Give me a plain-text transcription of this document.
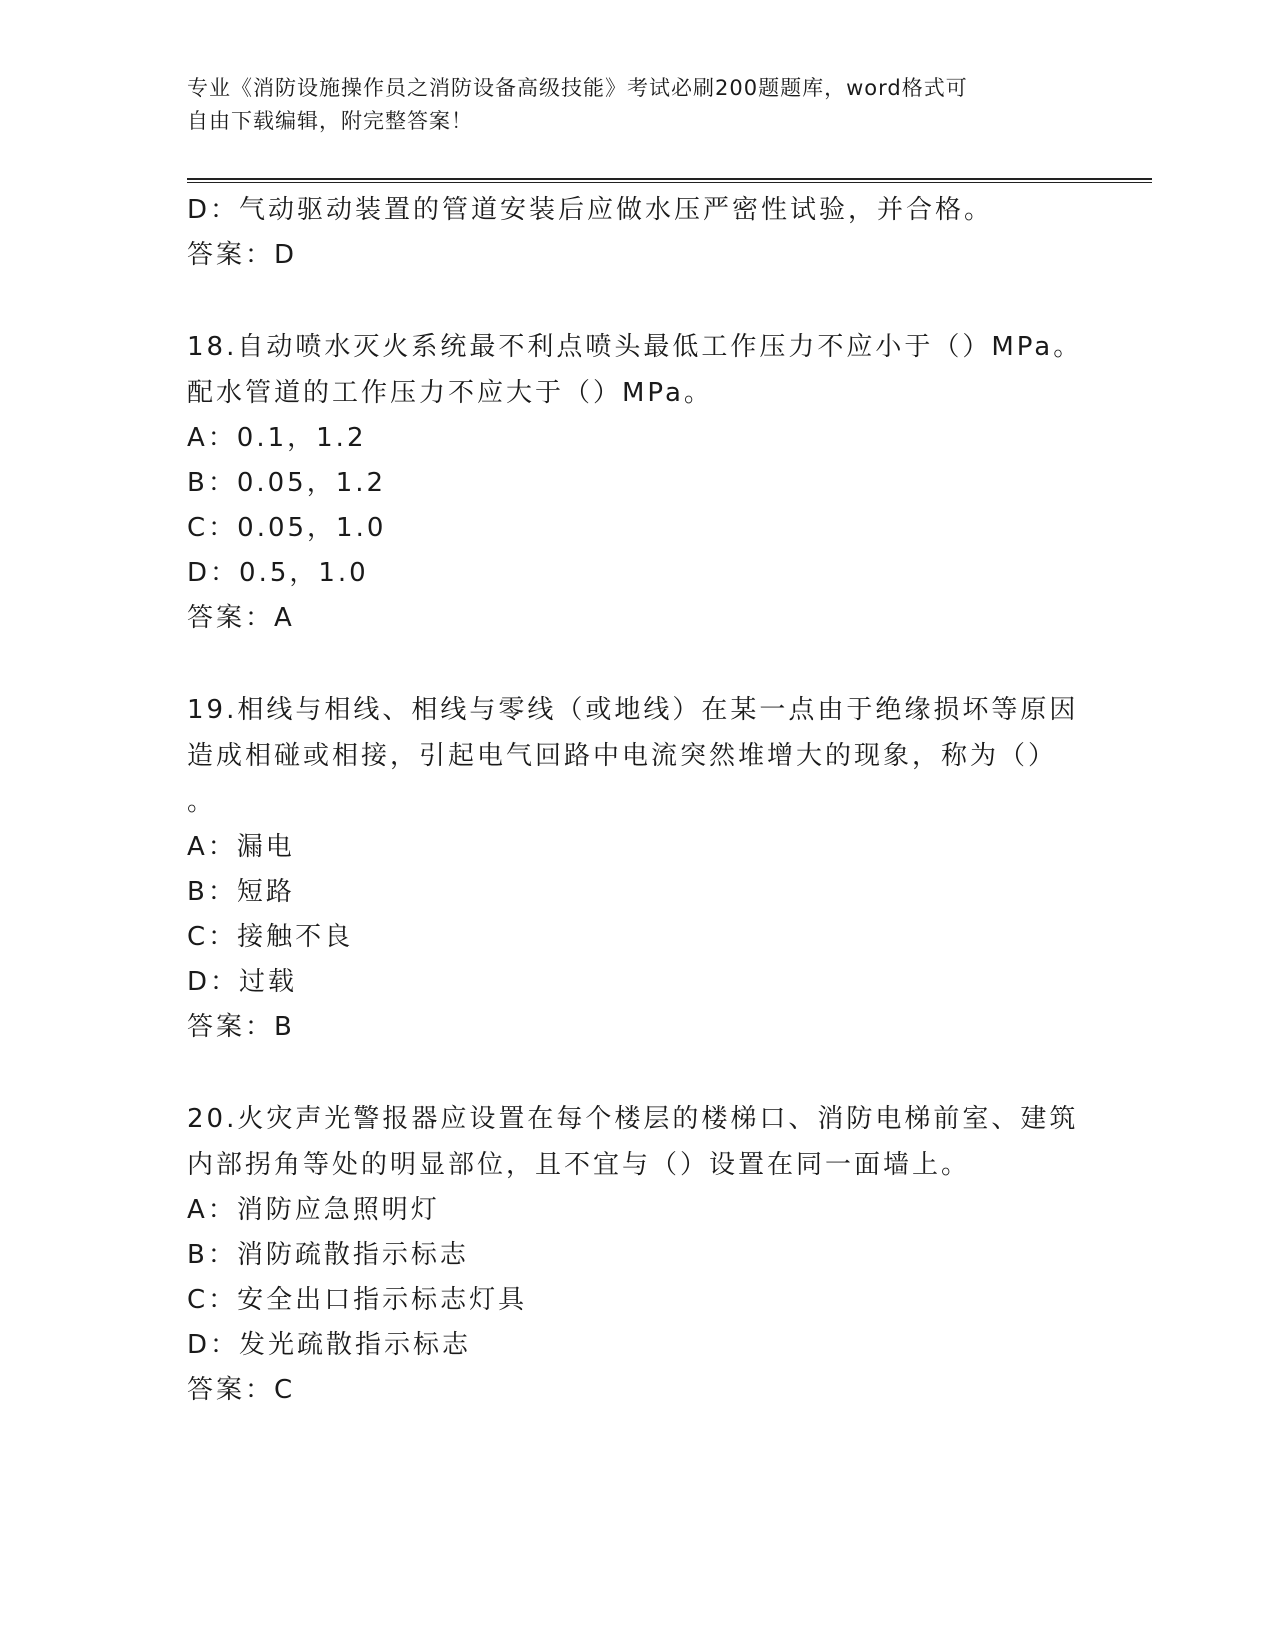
专业《消防设施操作员之消防设备高级技能》考试必刷200题题库，word格式可
自由下载编辑，附完整答案！
D：气动驱动装置的管道安装后应做水压严密性试验，并合格。
答案：D
18.自动喷水灭火系统最不利点喷头最低工作压力不应小于（）MPa。
配水管道的工作压力不应大于（）MPa。
A：0.1，1.2
B：0.05，1.2
C：0.05，1.0
D：0.5，1.0
答案：A
19.相线与相线、相线与零线（或地线）在某一点由于绝缘损坏等原因
造成相碰或相接，引起电气回路中电流突然堆增大的现象，称为（）
。
A：漏电
B：短路
C：接触不良
D：过载
答案：B
20.火灾声光警报器应设置在每个楼层的楼梯口、消防电梯前室、建筑
内部拐角等处的明显部位，且不宜与（）设置在同一面墙上。
A：消防应急照明灯
B：消防疏散指示标志
C：安全出口指示标志灯具
D：发光疏散指示标志
答案：C
